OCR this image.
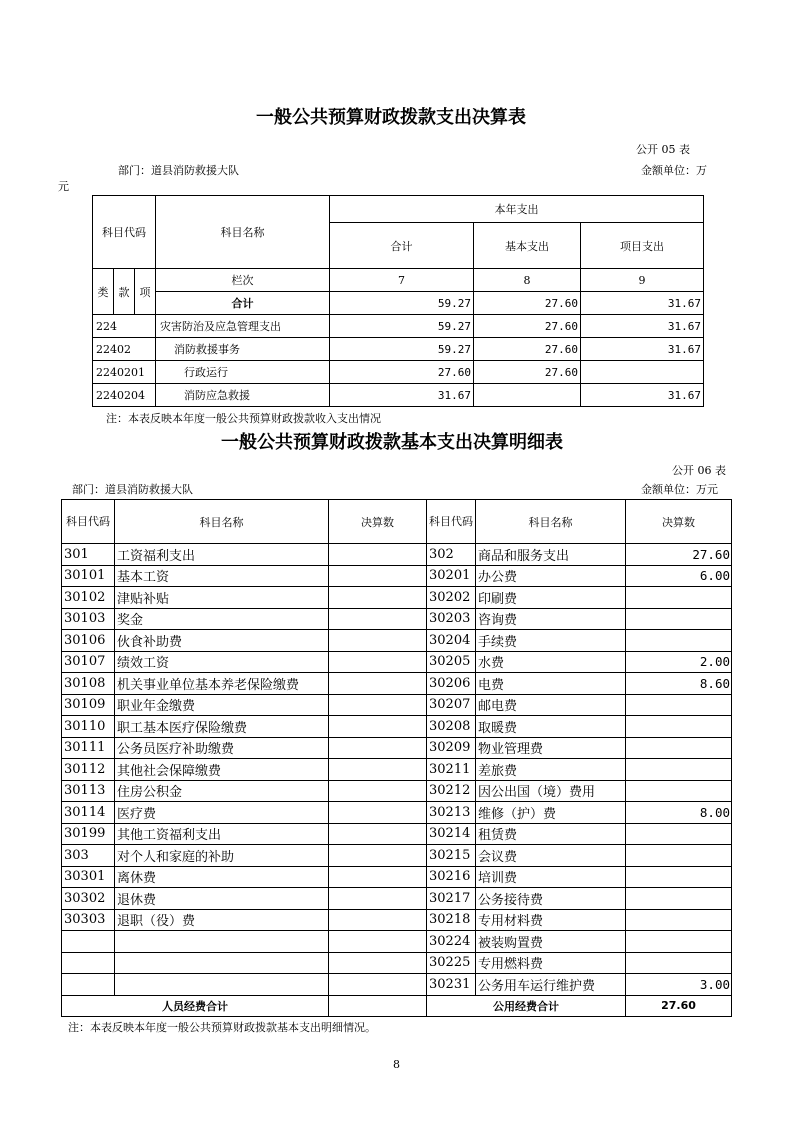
一般公共预算财政拨款支出决算表
公开 05 表
部门：道县消防救援大队	金额单位：万
元
科目代码			科目名称	本年支出		
				合计	基本支出	项目支出
类	款	项	栏次	7	8	9
			合计	59.27	27.60	31.67
224			灾害防治及应急管理支出	59.27	27.60	31.67
22402			消防救援事务	59.27	27.60	31.67
2240201			行政运行	27.60	27.60	
2240204			消防应急救援	31.67		31.67
注：本表反映本年度一般公共预算财政拨款收入支出情况
一般公共预算财政拨款基本支出决算明细表
公开 06 表
部门：道县消防救援大队	金额单位：万元
科目代码	科目名称	决算数	科目代码	科目名称	决算数
301	工资福利支出		302	商品和服务支出	27.60
30101	基本工资		30201	办公费	6.00
30102	津贴补贴		30202	印刷费	
30103	奖金		30203	咨询费	
30106	伙食补助费		30204	手续费	
30107	绩效工资		30205	水费	2.00
30108	机关事业单位基本养老保险缴费		30206	电费	8.60
30109	职业年金缴费		30207	邮电费	
30110	职工基本医疗保险缴费		30208	取暖费	
30111	公务员医疗补助缴费		30209	物业管理费	
30112	其他社会保障缴费		30211	差旅费	
30113	住房公积金		30212	因公出国（境）费用	
30114	医疗费		30213	维修（护）费	8.00
30199	其他工资福利支出		30214	租赁费	
303	对个人和家庭的补助		30215	会议费	
30301	离休费		30216	培训费	
30302	退休费		30217	公务接待费	
30303	退职（役）费		30218	专用材料费	
			30224	被装购置费	
			30225	专用燃料费	
			30231	公务用车运行维护费	3.00
人员经费合计			公用经费合计		27.60
注：本表反映本年度一般公共预算财政拨款基本支出明细情况。
8
